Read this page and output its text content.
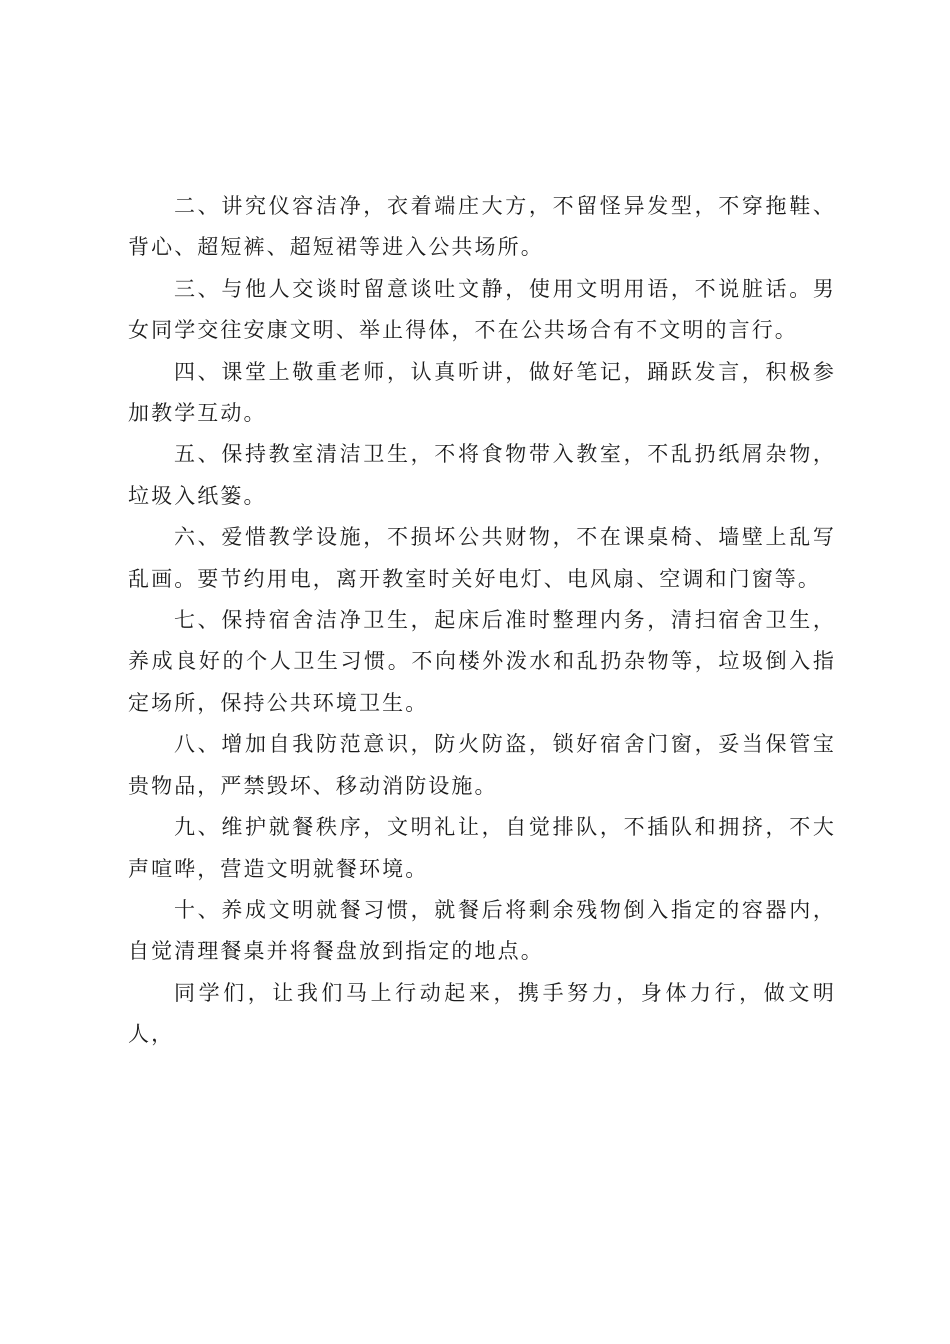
二、讲究仪容洁净，衣着端庄大方，不留怪异发型，不穿拖鞋、背心、超短裤、超短裙等进入公共场所。

三、与他人交谈时留意谈吐文静，使用文明用语，不说脏话。男女同学交往安康文明、举止得体，不在公共场合有不文明的言行。

四、课堂上敬重老师，认真听讲，做好笔记，踊跃发言，积极参加教学互动。

五、保持教室清洁卫生，不将食物带入教室，不乱扔纸屑杂物，垃圾入纸篓。

六、爱惜教学设施，不损坏公共财物，不在课桌椅、墙壁上乱写乱画。要节约用电，离开教室时关好电灯、电风扇、空调和门窗等。

七、保持宿舍洁净卫生，起床后准时整理内务，清扫宿舍卫生，养成良好的个人卫生习惯。不向楼外泼水和乱扔杂物等，垃圾倒入指定场所，保持公共环境卫生。

八、增加自我防范意识，防火防盗，锁好宿舍门窗，妥当保管宝贵物品，严禁毁坏、移动消防设施。

九、维护就餐秩序，文明礼让，自觉排队，不插队和拥挤，不大声喧哗，营造文明就餐环境。

十、养成文明就餐习惯，就餐后将剩余残物倒入指定的容器内，自觉清理餐桌并将餐盘放到指定的地点。

同学们，让我们马上行动起来，携手努力，身体力行，做文明人，
